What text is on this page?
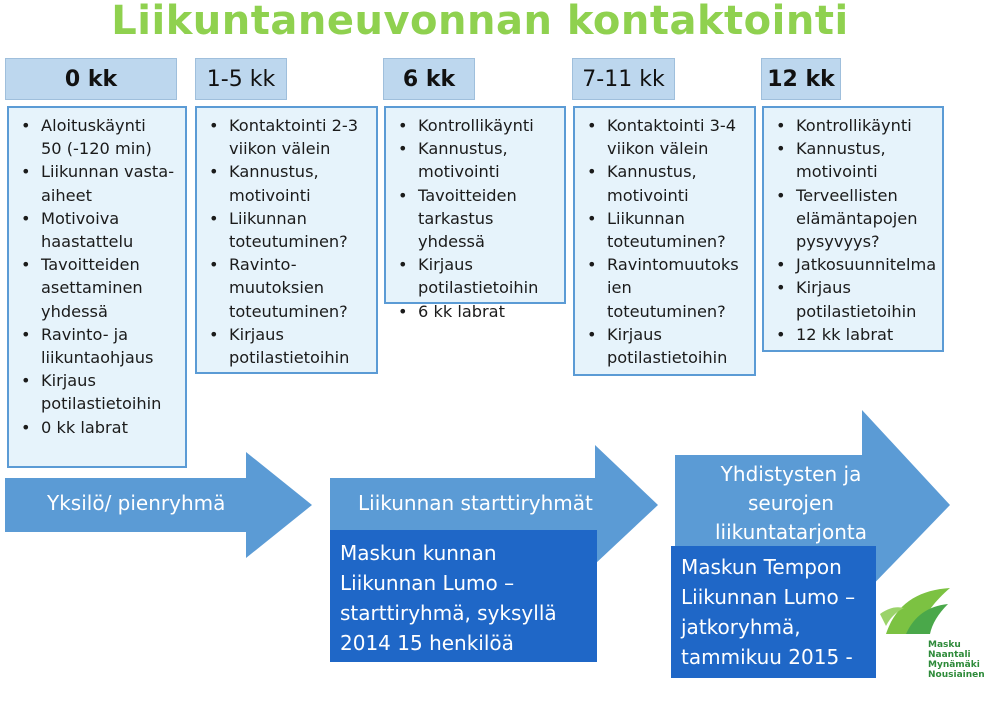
Liikuntaneuvonnan kontaktointi
0 kk	1-5 kk	6 kk	7-11 kk	12 kk
• Aloituskäynti
50 (-120 min)
• Liikunnan vasta-
aiheet
• Motivoiva
haastattelu
• Tavoitteiden
asettaminen
yhdessä
• Ravinto- ja
liikuntaohjaus
• Kirjaus
potilastietoihin
• 0 kk labrat
• Kontaktointi 2-3
viikon välein
• Kannustus,
motivointi
• Liikunnan
toteutuminen?
• Ravinto-
muutoksien
toteutuminen?
• Kirjaus
potilastietoihin
• Kontrollikäynti
• Kannustus,
motivointi
• Tavoitteiden
tarkastus yhdessä
• Kirjaus
potilastietoihin
• 6 kk labrat
• Kontaktointi 3-4
viikon välein
• Kannustus,
motivointi
• Liikunnan
toteutuminen?
• Ravintomuutoks
ien
toteutuminen?
• Kirjaus
potilastietoihin
• Kontrollikäynti
• Kannustus,
motivointi
• Terveellisten
elämäntapojen
pysyvyys?
• Jatkosuunnitelma
• Kirjaus
potilastietoihin
• 12 kk labrat
Yksilö/ pienryhmä	Liikunnan starttiryhmät
Yhdistysten ja
seurojen
liikuntatarjonta
Maskun kunnan
Liikunnan Lumo –
starttiryhmä, syksyllä
2014 15 henkilöä
Maskun Tempon
Liikunnan Lumo –
jatkoryhmä,
tammikuu 2015 ->
Masku
Naantali
Mynämäki
Nousiainen
